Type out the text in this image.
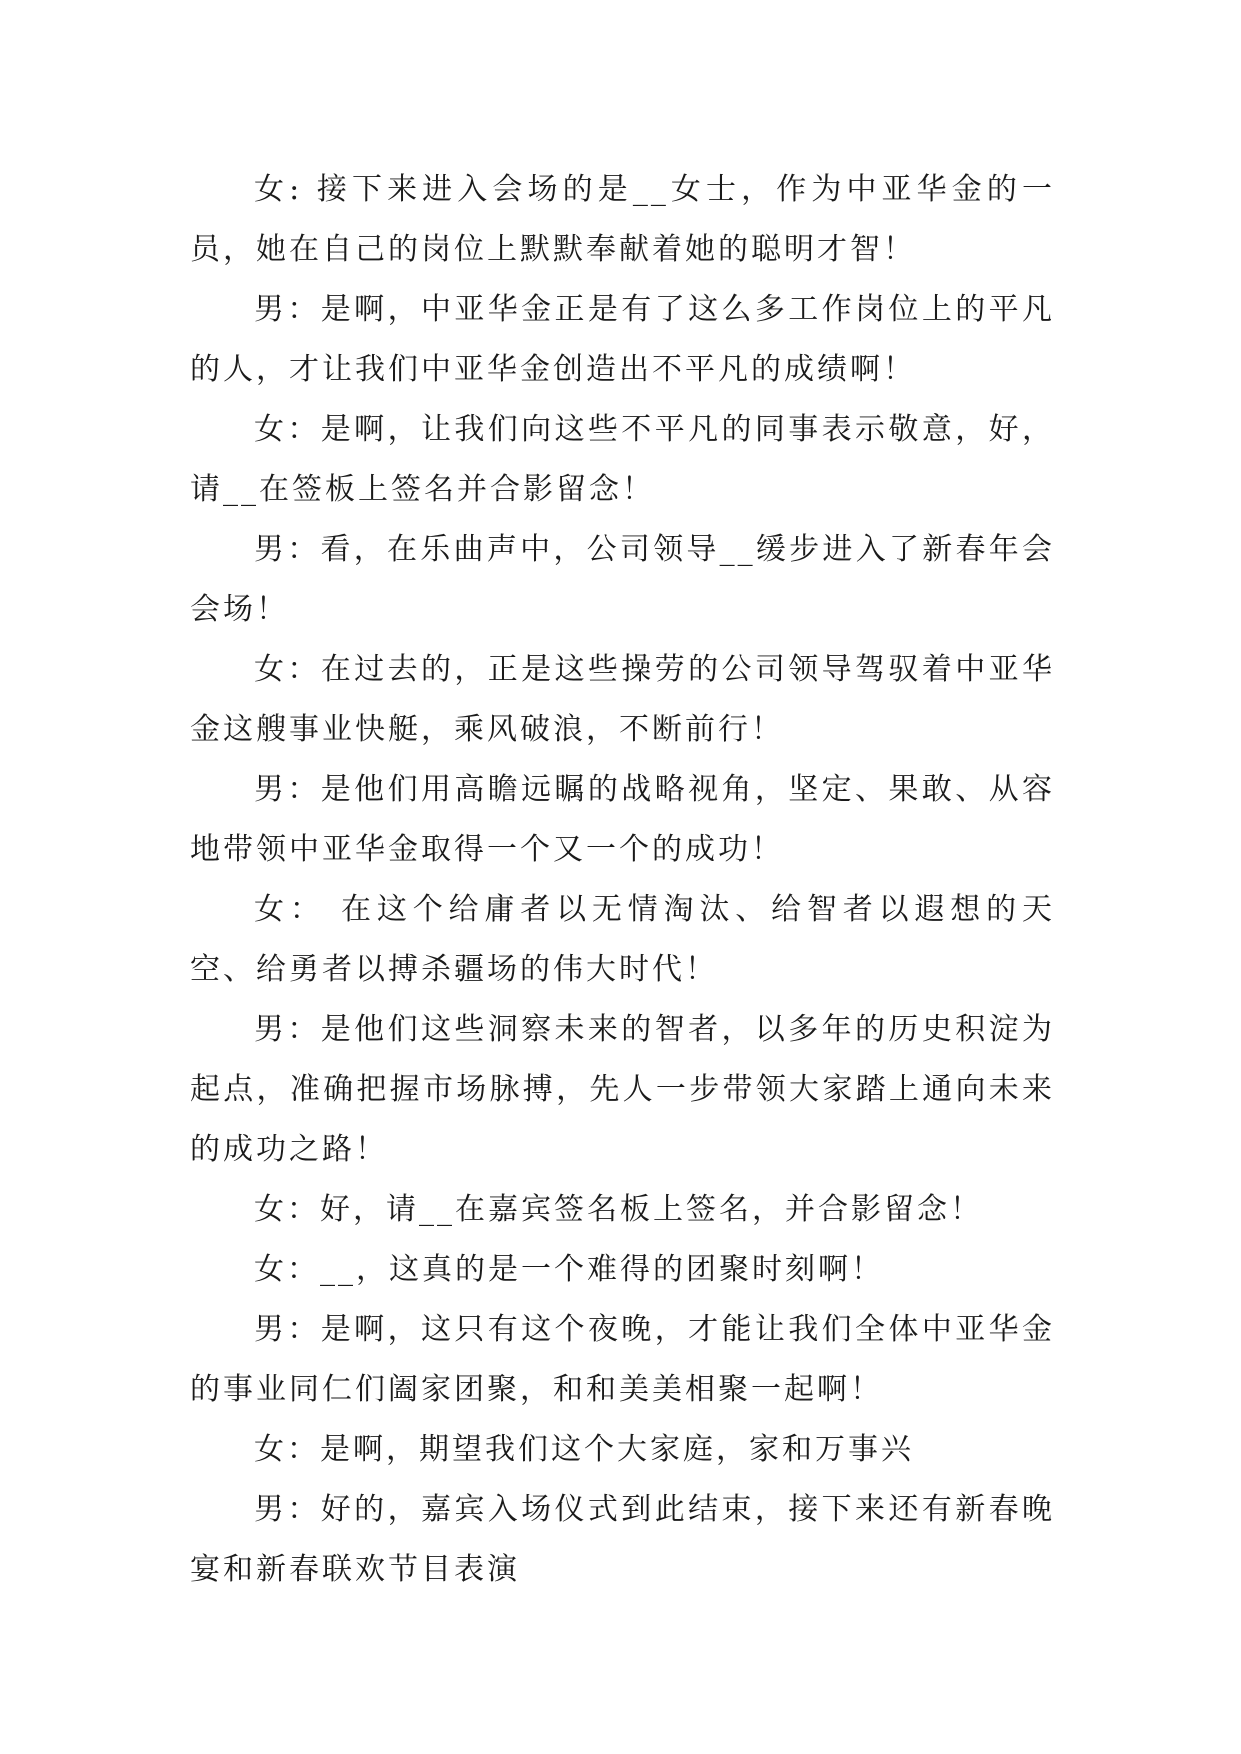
女: 接下来进入会场的是__女士，作为中亚华金的一员，她在自己的岗位上默默奉献着她的聪明才智！

男：是啊，中亚华金正是有了这么多工作岗位上的平凡的人，才让我们中亚华金创造出不平凡的成绩啊！

女：是啊，让我们向这些不平凡的同事表示敬意，好，请__在签板上签名并合影留念！

男：看，在乐曲声中，公司领导__缓步进入了新春年会会场！

女：在过去的，正是这些操劳的公司领导驾驭着中亚华金这艘事业快艇，乘风破浪，不断前行！

男：是他们用高瞻远瞩的战略视角，坚定、果敢、从容地带领中亚华金取得一个又一个的成功！

女： 在这个给庸者以无情淘汰、给智者以遐想的天空、给勇者以搏杀疆场的伟大时代！

男：是他们这些洞察未来的智者，以多年的历史积淀为起点，准确把握市场脉搏，先人一步带领大家踏上通向未来的成功之路！

女：好，请__在嘉宾签名板上签名，并合影留念！

女：__，这真的是一个难得的团聚时刻啊！

男：是啊，这只有这个夜晚，才能让我们全体中亚华金的事业同仁们阖家团聚，和和美美相聚一起啊！

女：是啊，期望我们这个大家庭，家和万事兴

男：好的，嘉宾入场仪式到此结束，接下来还有新春晚宴和新春联欢节目表演
